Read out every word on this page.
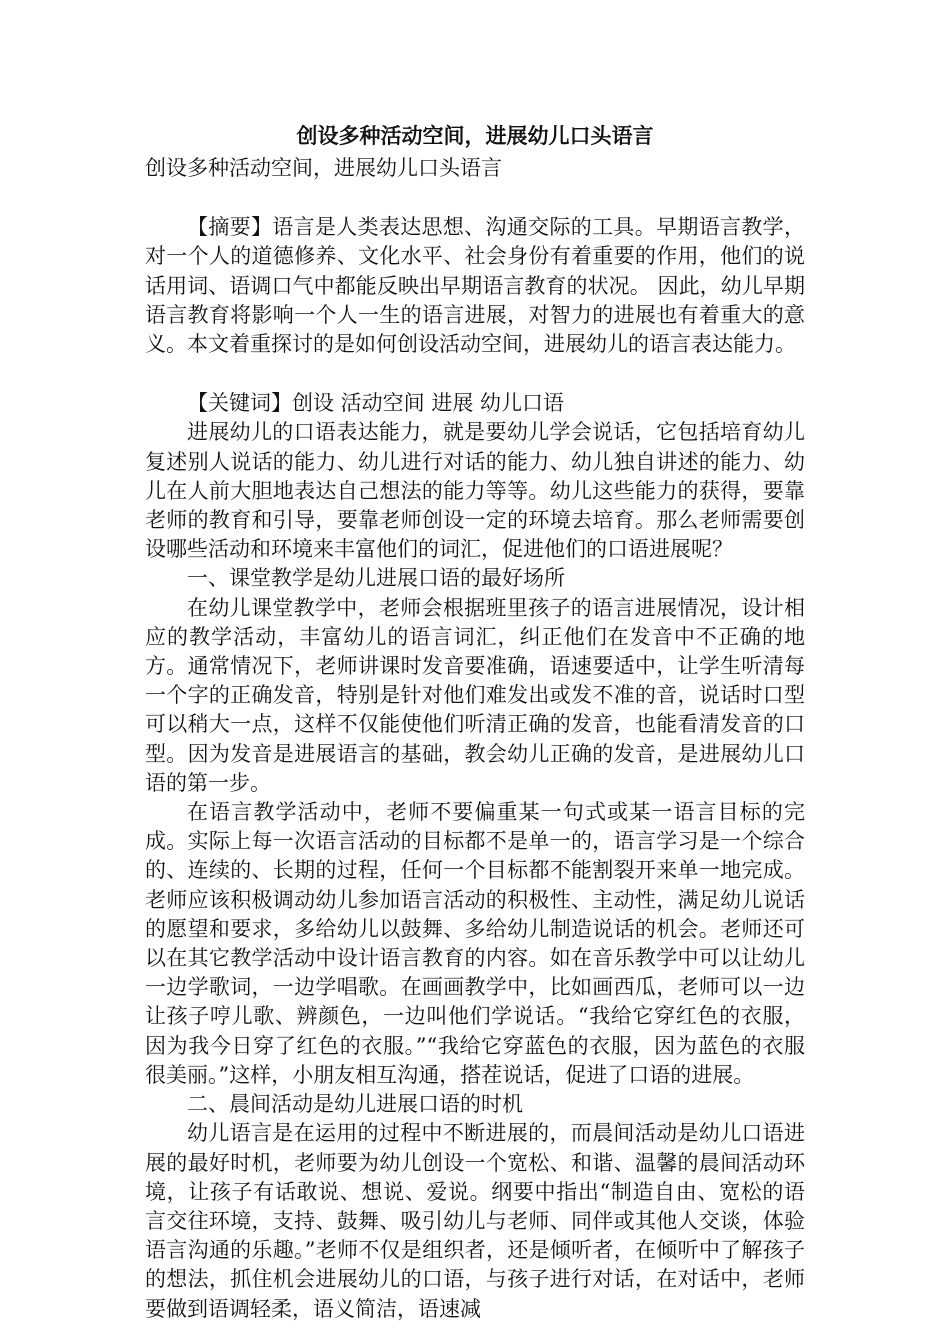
创设多种活动空间，进展幼儿口头语言

创设多种活动空间，进展幼儿口头语言

【摘要】语言是人类表达思想、沟通交际的工具。早期语言教学，对一个人的道德修养、文化水平、社会身份有着重要的作用，他们的说话用词、语调口气中都能反映出早期语言教育的状况。 因此，幼儿早期语言教育将影响一个人一生的语言进展，对智力的进展也有着重大的意义。本文着重探讨的是如何创设活动空间，进展幼儿的语言表达能力。

【关键词】创设 活动空间 进展 幼儿口语

进展幼儿的口语表达能力，就是要幼儿学会说话，它包括培育幼儿复述别人说话的能力、幼儿进行对话的能力、幼儿独自讲述的能力、幼儿在人前大胆地表达自己想法的能力等等。幼儿这些能力的获得，要靠老师的教育和引导，要靠老师创设一定的环境去培育。那么老师需要创设哪些活动和环境来丰富他们的词汇，促进他们的口语进展呢？

一、课堂教学是幼儿进展口语的最好场所

在幼儿课堂教学中，老师会根据班里孩子的语言进展情况，设计相应的教学活动，丰富幼儿的语言词汇，纠正他们在发音中不正确的地方。通常情况下，老师讲课时发音要准确，语速要适中，让学生听清每一个字的正确发音，特别是针对他们难发出或发不准的音，说话时口型可以稍大一点，这样不仅能使他们听清正确的发音，也能看清发音的口型。因为发音是进展语言的基础，教会幼儿正确的发音，是进展幼儿口语的第一步。

在语言教学活动中，老师不要偏重某一句式或某一语言目标的完成。实际上每一次语言活动的目标都不是单一的，语言学习是一个综合的、连续的、长期的过程，任何一个目标都不能割裂开来单一地完成。老师应该积极调动幼儿参加语言活动的积极性、主动性，满足幼儿说话的愿望和要求，多给幼儿以鼓舞、多给幼儿制造说话的机会。老师还可以在其它教学活动中设计语言教育的内容。如在音乐教学中可以让幼儿一边学歌词，一边学唱歌。在画画教学中，比如画西瓜，老师可以一边让孩子哼儿歌、辨颜色，一边叫他们学说话。“我给它穿红色的衣服，因为我今日穿了红色的衣服。”“我给它穿蓝色的衣服，因为蓝色的衣服很美丽。”这样，小朋友相互沟通，搭茬说话，促进了口语的进展。

二、晨间活动是幼儿进展口语的时机

幼儿语言是在运用的过程中不断进展的，而晨间活动是幼儿口语进展的最好时机，老师要为幼儿创设一个宽松、和谐、温馨的晨间活动环境，让孩子有话敢说、想说、爱说。纲要中指出“制造自由、宽松的语言交往环境，支持、鼓舞、吸引幼儿与老师、同伴或其他人交谈，体验语言沟通的乐趣。”老师不仅是组织者，还是倾听者，在倾听中了解孩子的想法，抓住机会进展幼儿的口语，与孩子进行对话，在对话中，老师要做到语调轻柔，语义简洁，语速减
